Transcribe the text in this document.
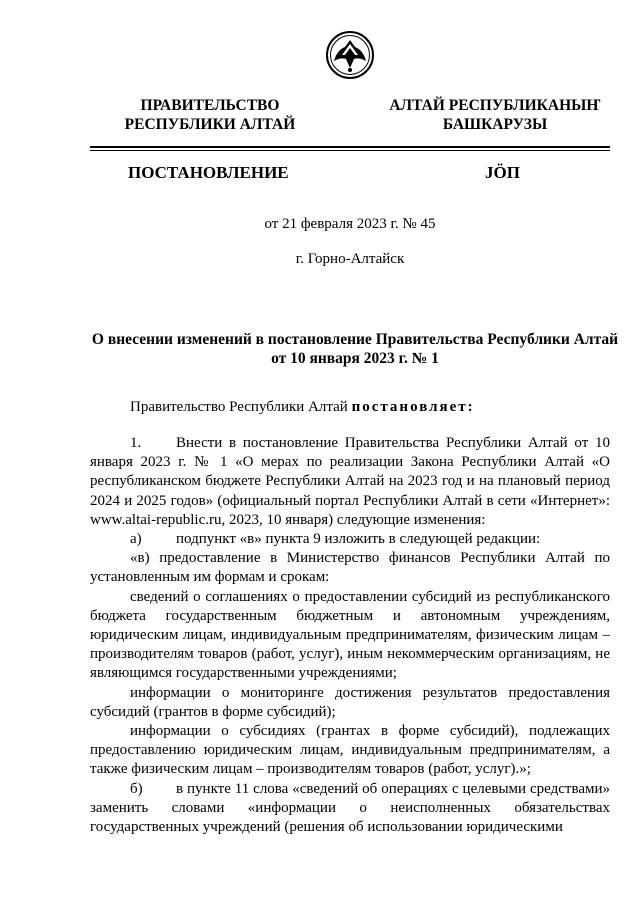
ПРАВИТЕЛЬСТВО
РЕСПУБЛИКИ АЛТАЙ
АЛТАЙ РЕСПУБЛИКАНЫҤ
БАШКАРУЗЫ
ПОСТАНОВЛЕНИЕ	JӦП
от 21 февраля 2023 г. № 45
г. Горно-Алтайск
О внесении изменений в постановление Правительства Республики Алтай
от 10 января 2023 г. № 1

Правительство Республики Алтай постановляет:

1. Внести в постановление Правительства Республики Алтай от 10 января 2023 г. № 1 «О мерах по реализации Закона Республики Алтай «О республиканском бюджете Республики Алтай на 2023 год и на плановый период 2024 и 2025 годов» (официальный портал Республики Алтай в сети «Интернет»: www.altai-republic.ru, 2023, 10 января) следующие изменения:

а) подпункт «в» пункта 9 изложить в следующей редакции:

«в) предоставление в Министерство финансов Республики Алтай по установленным им формам и срокам:

сведений о соглашениях о предоставлении субсидий из республиканского бюджета государственным бюджетным и автономным учреждениям, юридическим лицам, индивидуальным предпринимателям, физическим лицам – производителям товаров (работ, услуг), иным некоммерческим организациям, не являющимся государственными учреждениями;

информации о мониторинге достижения результатов предоставления субсидий (грантов в форме субсидий);

информации о субсидиях (грантах в форме субсидий), подлежащих предоставлению юридическим лицам, индивидуальным предпринимателям, а также физическим лицам – производителям товаров (работ, услуг).»;

б) в пункте 11 слова «сведений об операциях с целевыми средствами» заменить словами «информации о неисполненных обязательствах государственных учреждений (решения об использовании юридическими
